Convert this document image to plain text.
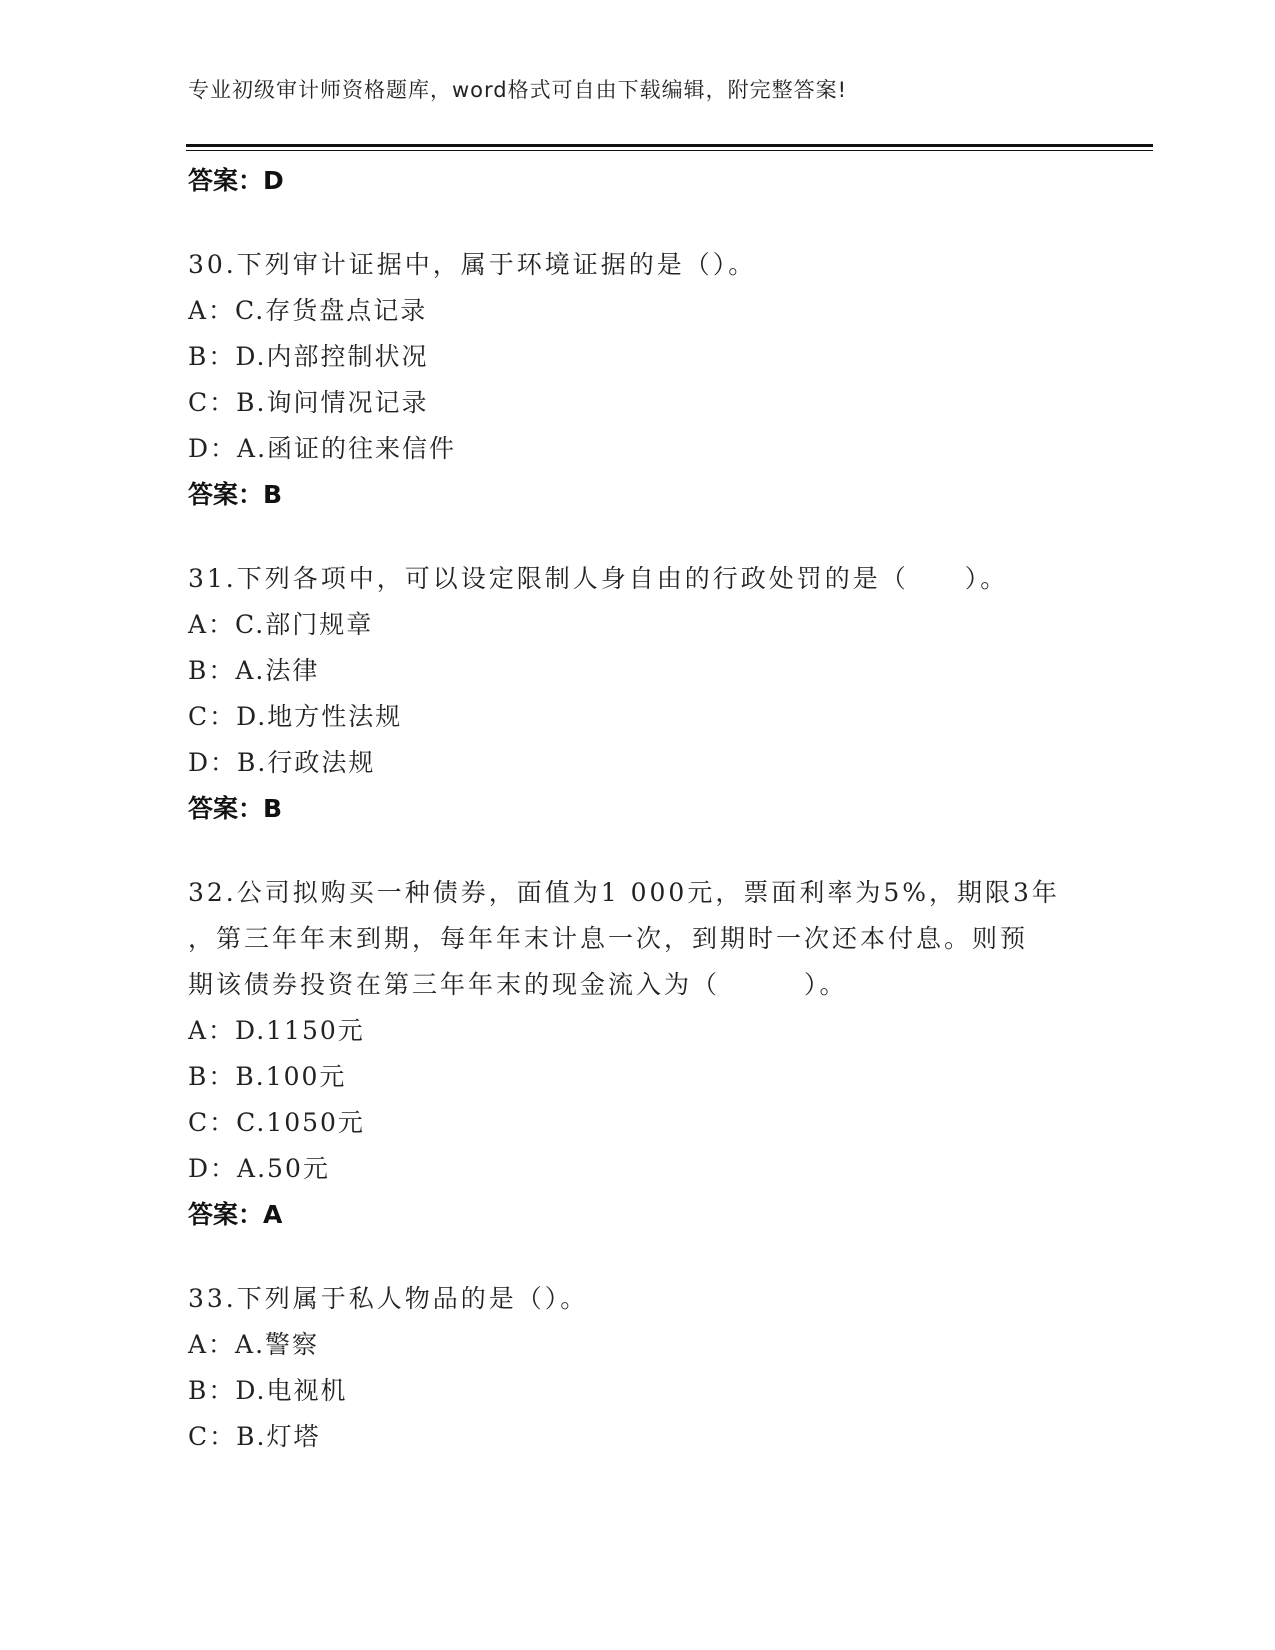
专业初级审计师资格题库，word格式可自由下载编辑，附完整答案!
答案：D
30.下列审计证据中，属于环境证据的是（）。
A：C.存货盘点记录
B：D.内部控制状况
C：B.询问情况记录
D：A.函证的往来信件
答案：B
31.下列各项中，可以设定限制人身自由的行政处罚的是（　　）。
A：C.部门规章
B：A.法律
C：D.地方性法规
D：B.行政法规
答案：B
32.公司拟购买一种债券，面值为1 000元，票面利率为5%，期限3年
，第三年年末到期，每年年末计息一次，到期时一次还本付息。则预
期该债券投资在第三年年末的现金流入为（　　　）。
A：D.1150元
B：B.100元
C：C.1050元
D：A.50元
答案：A
33.下列属于私人物品的是（）。
A：A.警察
B：D.电视机
C：B.灯塔
